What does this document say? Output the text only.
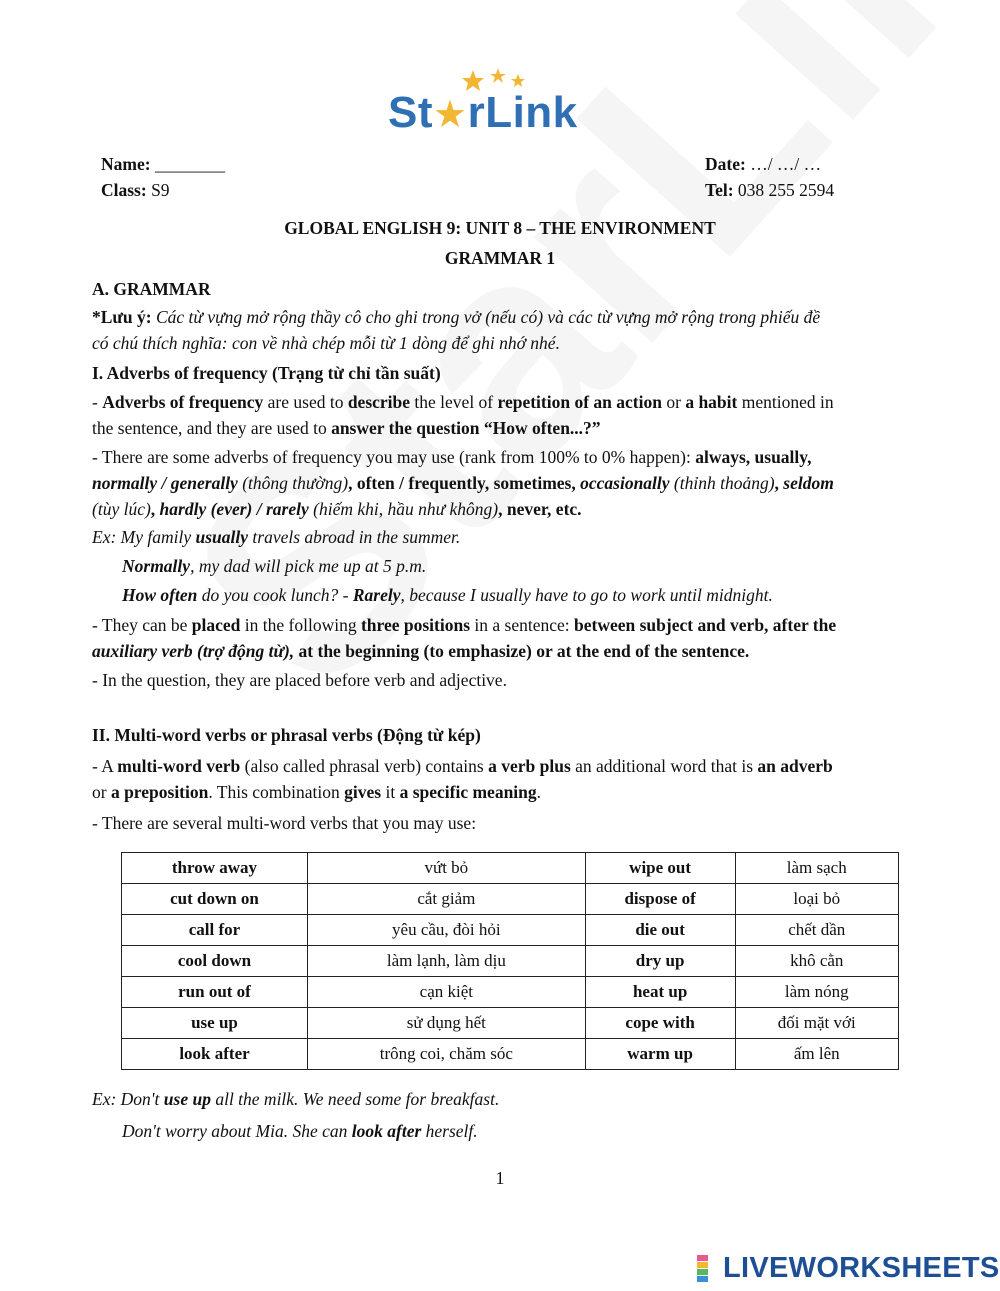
St★rLink
Name: ________
Class: S9
Date: …/ …/ …
Tel: 038 255 2594
GLOBAL ENGLISH 9: UNIT 8 – THE ENVIRONMENT
GRAMMAR 1
A. GRAMMAR
*Lưu ý: Các từ vựng mở rộng thầy cô cho ghi trong vở (nếu có) và các từ vựng mở rộng trong phiếu đề
có chú thích nghĩa: con về nhà chép mỗi từ 1 dòng để ghi nhớ nhé.
I. Adverbs of frequency (Trạng từ chỉ tần suất)
- Adverbs of frequency are used to describe the level of repetition of an action or a habit mentioned in
the sentence, and they are used to answer the question “How often...?”
- There are some adverbs of frequency you may use (rank from 100% to 0% happen): always, usually,
normally / generally (thông thường), often / frequently, sometimes, occasionally (thỉnh thoảng), seldom
(tùy lúc), hardly (ever) / rarely (hiếm khi, hầu như không), never, etc.
Ex: My family usually travels abroad in the summer.
Normally, my dad will pick me up at 5 p.m.
How often do you cook lunch? - Rarely, because I usually have to go to work until midnight.
- They can be placed in the following three positions in a sentence: between subject and verb, after the
auxiliary verb (trợ động từ), at the beginning (to emphasize) or at the end of the sentence.
- In the question, they are placed before verb and adjective.
II. Multi-word verbs or phrasal verbs (Động từ kép)
- A multi-word verb (also called phrasal verb) contains a verb plus an additional word that is an adverb
or a preposition. This combination gives it a specific meaning.
- There are several multi-word verbs that you may use:
throw away	vứt bỏ	wipe out	làm sạch
cut down on	cắt giảm	dispose of	loại bỏ
call for	yêu cầu, đòi hỏi	die out	chết dần
cool down	làm lạnh, làm dịu	dry up	khô cằn
run out of	cạn kiệt	heat up	làm nóng
use up	sử dụng hết	cope with	đối mặt với
look after	trông coi, chăm sóc	warm up	ấm lên
Ex: Don't use up all the milk. We need some for breakfast.
Don't worry about Mia. She can look after herself.
1
LIVEWORKSHEETS
